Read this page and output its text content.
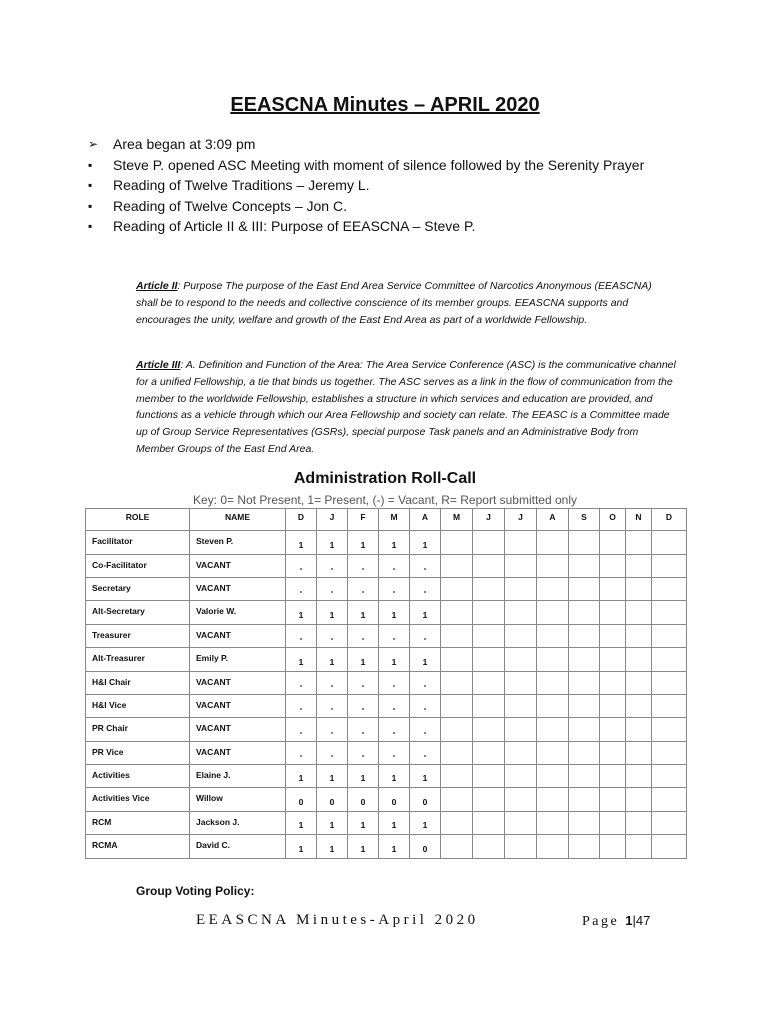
EEASCNA Minutes – APRIL 2020
➢ Area began at 3:09 pm
▪ Steve P. opened ASC Meeting with moment of silence followed by the Serenity Prayer
▪ Reading of Twelve Traditions – Jeremy L.
▪ Reading of Twelve Concepts – Jon C.
▪ Reading of Article II & III: Purpose of EEASCNA – Steve P.
Article II: Purpose The purpose of the East End Area Service Committee of Narcotics Anonymous (EEASCNA) shall be to respond to the needs and collective conscience of its member groups. EEASCNA supports and encourages the unity, welfare and growth of the East End Area as part of a worldwide Fellowship.
Article III: A. Definition and Function of the Area: The Area Service Conference (ASC) is the communicative channel for a unified Fellowship, a tie that binds us together. The ASC serves as a link in the flow of communication from the member to the worldwide Fellowship, establishes a structure in which services and education are provided, and functions as a vehicle through which our Area Fellowship and society can relate. The EEASC is a Committee made up of Group Service Representatives (GSRs), special purpose Task panels and an Administrative Body from Member Groups of the East End Area.
Administration Roll-Call
Key: 0= Not Present, 1= Present, (-) = Vacant, R= Report submitted only
ROLE	NAME	D	J	F	M	A	M	J	J	A	S	O	N	D
Facilitator	Steven P.	1	1	1	1	1								
Co-Facilitator	VACANT	-	-	-	-	-								
Secretary	VACANT	-	-	-	-	-								
Alt-Secretary	Valorie W.	1	1	1	1	1								
Treasurer	VACANT	-	-	-	-	-								
Alt-Treasurer	Emily P.	1	1	1	1	1								
H&I Chair	VACANT	-	-	-	-	-								
H&I Vice	VACANT	-	-	-	-	-								
PR Chair	VACANT	-	-	-	-	-								
PR Vice	VACANT	-	-	-	-	-								
Activities	Elaine J.	1	1	1	1	1								
Activities Vice	Willow	0	0	0	0	0								
RCM	Jackson J.	1	1	1	1	1								
RCMA	David C.	1	1	1	1	0								
Group Voting Policy:
EEASCNA Minutes-April 2020	Page 1|47
